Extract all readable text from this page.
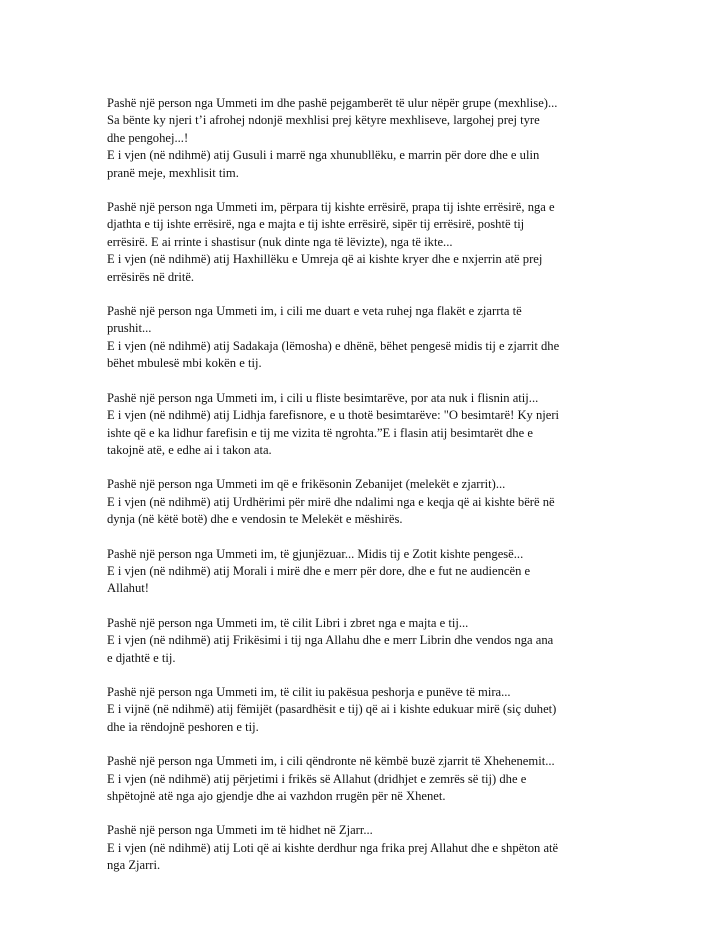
Pashë një person nga Ummeti im dhe pashë pejgamberët të ulur nëpër grupe (mexhlise)...
Sa bënte ky njeri t’i afrohej ndonjë mexhlisi prej këtyre mexhliseve, largohej prej tyre
dhe pengohej...!
E i vjen (në ndihmë) atij Gusuli i marrë nga xhunubllëku, e marrin për dore dhe e ulin
pranë meje, mexhlisit tim.
Pashë një person nga Ummeti im, përpara tij kishte errësirë, prapa tij ishte errësirë, nga e
djathta e tij ishte errësirë, nga e majta e tij ishte errësirë, sipër tij errësirë, poshtë tij
errësirë. E ai rrinte i shastisur (nuk dinte nga të lëvizte), nga të ikte...
E i vjen (në ndihmë) atij Haxhillëku e Umreja që ai kishte kryer dhe e nxjerrin atë prej
errësirës në dritë.
Pashë një person nga Ummeti im, i cili me duart e veta ruhej nga flakët e zjarrta të
prushit...
E i vjen (në ndihmë) atij Sadakaja (lëmosha) e dhënë, bëhet pengesë midis tij e zjarrit dhe
bëhet mbulesë mbi kokën e tij.
Pashë një person nga Ummeti im, i cili u fliste besimtarëve, por ata nuk i flisnin atij...
E i vjen (në ndihmë) atij Lidhja farefisnore, e u thotë besimtarëve: "O besimtarë! Ky njeri
ishte që e ka lidhur farefisin e tij me vizita të ngrohta.”E i flasin atij besimtarët dhe e
takojnë atë, e edhe ai i takon ata.
Pashë një person nga Ummeti im që e frikësonin Zebanijet (melekët e zjarrit)...
E i vjen (në ndihmë) atij Urdhërimi për mirë dhe ndalimi nga e keqja që ai kishte bërë në
dynja (në këtë botë) dhe e vendosin te Melekët e mëshirës.
Pashë një person nga Ummeti im, të gjunjëzuar... Midis tij e Zotit kishte pengesë...
E i vjen (në ndihmë) atij Morali i mirë dhe e merr për dore, dhe e fut ne audiencën e
Allahut!
Pashë një person nga Ummeti im, të cilit Libri i zbret nga e majta e tij...
E i vjen (në ndihmë) atij Frikësimi i tij nga Allahu dhe e merr Librin dhe vendos nga ana
e djathtë e tij.
Pashë një person nga Ummeti im, të cilit iu pakësua peshorja e punëve të mira...
E i vijnë (në ndihmë) atij fëmijët (pasardhësit e tij) që ai i kishte edukuar mirë (siç duhet)
dhe ia rëndojnë peshoren e tij.
Pashë një person nga Ummeti im, i cili qëndronte në këmbë buzë zjarrit të Xhehenemit...
E i vjen (në ndihmë) atij përjetimi i frikës së Allahut (dridhjet e zemrës së tij) dhe e
shpëtojnë atë nga ajo gjendje dhe ai vazhdon rrugën për në Xhenet.
Pashë një person nga Ummeti im të hidhet në Zjarr...
E i vjen (në ndihmë) atij Loti që ai kishte derdhur nga frika prej Allahut dhe e shpëton atë
nga Zjarri.
